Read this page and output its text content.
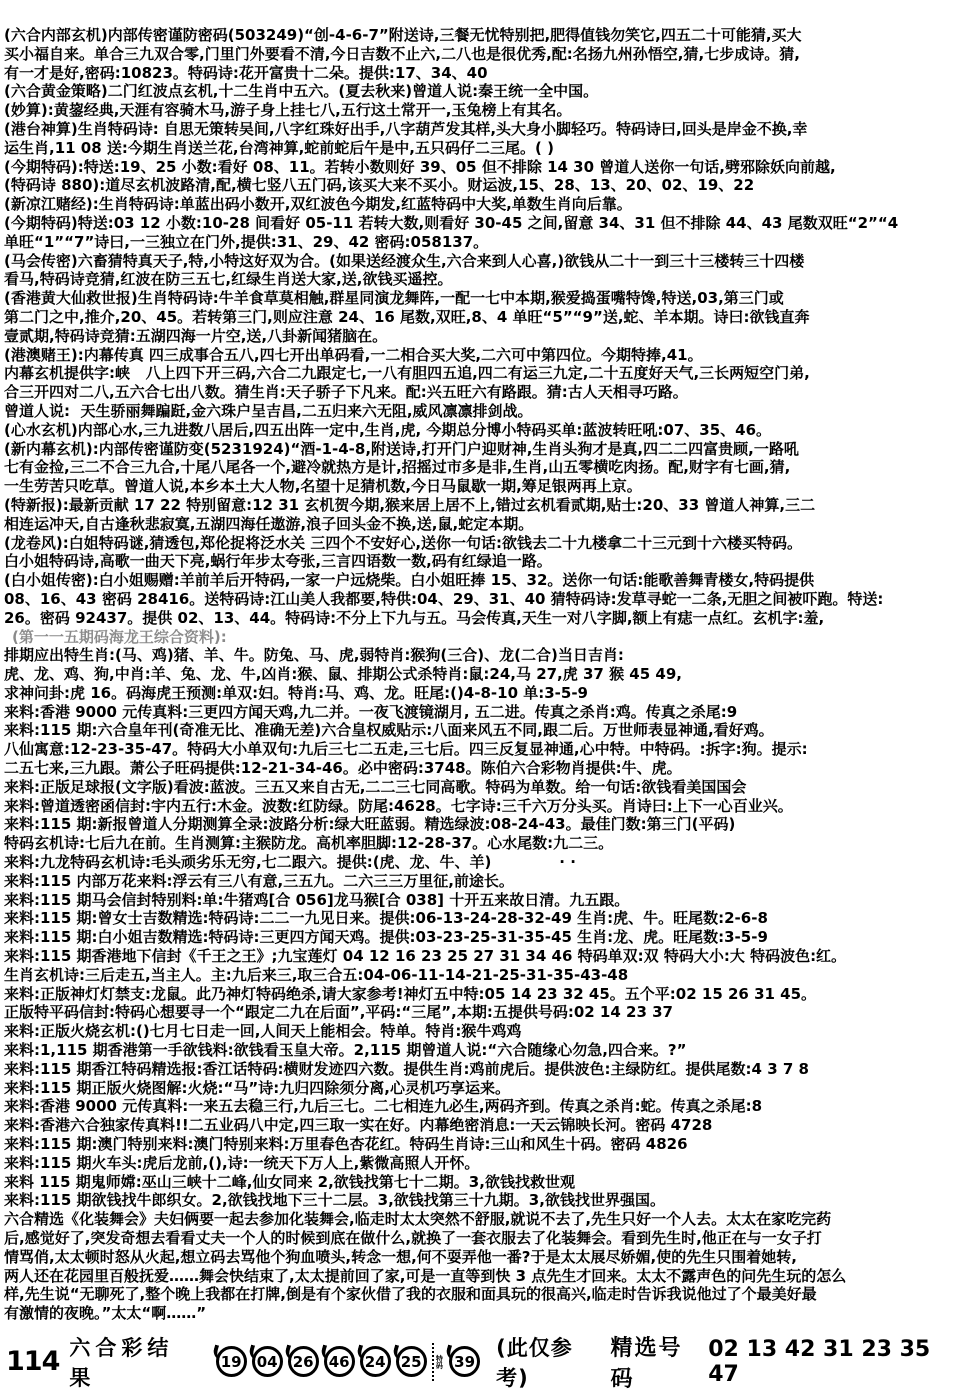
(六合内部玄机)内部传密谨防密码(503249)“创-4-6-7”附送诗,三餐无忧特别把,肥得值钱勿笑它,四五二十可能猜,买大
买小福自来。单合三九双合零,门里门外要看不清,今日吉数不止六,二八也是很优秀,配:名扬九州孙悟空,猜,七步成诗。猜,
有一才是好,密码:10823。特码诗:花开富贵十二朵。提供:17、34、40
(六合黄金策略)二门红波点玄机,十二生肖中五六。(夏去秋来)曾道人说:秦王统一全中国。
(妙算):黄鋆经典,天涯有容骑木马,游子身上挂七八,五行这土常开一,玉兔榜上有其名。
(港台神算)生肖特码诗: 自思无策转吴间,八字红珠好出手,八字葫芦发其样,头大身小脚轻巧。特码诗曰,回头是岸金不换,幸
运生肖,11 08 送:今期生肖送兰花,台湾神算,蛇前蛇后午是中,五只码仔二三尾。( )
(今期特码):特送:19、25 小数:看好 08、11。若转小数则好 39、05 但不排除 14 30 曾道人送你一句话,劈邪除妖向前越,
(特码诗 880):道尽玄机波路清,配,横七竖八五门码,该买大来不买小。财运波,15、28、13、20、02、19、22
(新凉江赌经):生肖特码诗:单蓝出码小数开,双红波色今期发,红蓝特码中大奖,单数生肖向后靠。
(今期特码)特送:03 12 小数:10-28 间看好 05-11 若转大数,则看好 30-45 之间,留意 34、31 但不排除 44、43 尾数双旺“2”“4
单旺“1”“7”诗曰,一三独立在门外,提供:31、29、42 密码:058137。
(马会传密)六畜猜特真天子,特,小特这好双为合。(如果送经渡众生,六合来到人心喜,)欲钱从二十一到三十三楼转三十四楼
看马,特码诗竞猜,红波在防三五七,红绿生肖送大家,送,欲钱买遥控。
(香港黄大仙救世报)生肖特码诗:牛羊食草莫相触,群星同演龙舞阵,一配一七中本期,猴爱捣蛋嘴特馋,特送,03,第三门或
第二门之中,推介,20、45。若转第三门,则应注意 24、16 尾数,双旺,8、4 单旺“5”“9”送,蛇、羊本期。诗曰:欲钱直奔
壹贰期,特码诗竞猜:五湖四海一片空,送,八卦新闻猪脑在。
(港澳赌王):内幕传真 四三成事合五八,四七开出单码看,一二相合买大奖,二六可中第四位。今期特捧,41。
内幕玄机提供字:峡   八上四下开三码,六合二九跟定七,一八有胆四五追,四二有运三九定,二十五度好天气,三长两短空门弟,
合三开四对二八,五六合七出八数。猜生肖:天子骄子下凡来。配:兴五旺六有路跟。猜:古人天相寻巧路。
曾道人说:  天生骄丽舞蹁跹,金六珠户呈吉昌,二五归来六无阻,威风凛凛排剑战。
(心水玄机)内部心水,三九进数八居后,四五出阵一定中,生肖,虎, 今期总分博小特码买单:蓝波转旺吼:07、35、46。
(新内幕玄机):内部传密谨防变(5231924)“酒-1-4-8,附送诗,打开门户迎财神,生肖头狗才是真,四二二四富贵顾,一路吼
七有金捡,三二不合三九合,十尾八尾各一个,避冷就热方是计,招摇过市多是非,生肖,山五零横吃肉扬。配,财字有七画,猜,
一生劳苦只吃草。曾道人说,本乡本土大人物,名望十足猜机数,今日马鼠歇一期,筹足银两再上京。
(特新报):最新贡献 17 22 特别留意:12 31 玄机贺今期,猴来居上居不上,错过玄机看贰期,贴士:20、33 曾道人神算,三二
相连运冲天,自古逢秋悲寂寞,五湖四海任遨游,浪子回头金不换,送,鼠,蛇定本期。
(龙卷风):白姐特码谜,猜透包,郑伦捉将泛水关 三四个不安好心,送你一句话:欲钱去二十九楼拿二十三元到十六楼买特码。
白小姐特码诗,高歌一曲天下亮,蜗行年步太夸张,三言四语数一数,码有红绿追一路。
(白小姐传密):白小姐赐赠:羊前羊后开特码,一家一户远烧柴。白小姐旺捧 15、32。送你一句话:能歌善舞青楼女,特码提供
08、16、43 密码 28416。送特码诗:江山美人我都要,特供:04、29、31、40 猜特码诗:发草寻蛇一二条,无胆之间被吓跑。特送:
26。密码 92437。提供 02、13、44。特码诗:不分上下九与五。马会传真,天生一对八字脚,额上有痣一点红。玄机字:羞,
(第一一五期码海龙王综合资料):
排期应出特生肖:(马、鸡)猪、羊、牛。防兔、马、虎,弱特肖:猴狗(三合)、龙(二合)当日吉肖:
虎、龙、鸡、狗,中肖:羊、兔、龙、牛,凶肖:猴、鼠、排期公式杀特肖:鼠:24,马 27,虎 37 猴 45 49,
求神问卦:虎 16。码海虎王预测:单双:妇。特肖:马、鸡、龙。旺尾:()4-8-10 单:3-5-9
来料:香港 9000 元传真料:三更四方闻天鸡,九二并。一夜飞渡镜湖月, 五二进。传真之杀肖:鸡。传真之杀尾:9
来料:115 期:六合皇年刊(奇准无比、准确无差)六合皇权威贴示:八面来风五不同,跟二后。万世师表显神通,看好鸡。
八仙寓意:12-23-35-47。特码大小单双句:九后三七二五走,三七后。四三反复显神通,心中特。中特码。:拆字:狗。提示:
二五七来,三九跟。萧公子旺码提供:12-21-34-46。必中密码:3748。陈伯六合彩物肖提供:牛、虎。
来料:正版足球报(文字版)看波:蓝波。三五又来自古无,二二三七同高歌。特码为单数。给一句话:欲钱看美国国会
来料:曾道透密函信封:宇内五行:木金。波数:红防绿。防尾:4628。七字诗:三千六万分头买。肖诗曰:上下一心百业兴。
来料:115 期:新报曾道人分期测算全录:波路分析:绿大旺蓝弱。精选绿波:08-24-43。最佳门数:第三门(平码)
特码玄机诗:七后九在前。生肖测算:主猴防龙。高机率胆脚:12-28-37。心水尾数:九二三。
来料:九龙特码玄机诗:毛头顽劣乐无穷,七二跟六。提供:(虎、龙、牛、羊)             · ·
来料:115 内部万花来料:浮云有三八有意,三五九。二六三三万里征,前途长。
来料:115 期马会信封特别料:单:牛猪鸡[合 056]龙马猴[合 038] 十开五来故日清。九五跟。
来料:115 期:曾女士吉数精选:特码诗:二二一九见日来。提供:06-13-24-28-32-49 生肖:虎、牛。旺尾数:2-6-8
来料:115 期:白小姐吉数精选:特码诗:三更四方闻天鸡。提供:03-23-25-31-35-45 生肖:龙、虎。旺尾数:3-5-9
来料:115 期香港地下信封《千王之王》;九宝莲灯 04 12 16 23 25 27 31 34 46 特码单双:双 特码大小:大 特码波色:红。
生肖玄机诗:三后走五,当主人。主:九后来三,取三合五:04-06-11-14-21-25-31-35-43-48
来料:正版神灯灯禁支:龙鼠。此乃神灯特码绝杀,请大家参考!神灯五中特:05 14 23 32 45。五个平:02 15 26 31 45。
正版特平码信封:特码心想要寻一个“跟定二九在后面”,平码:“三尾”,本期:五提供号码:02 14 23 37
来料:正版火烧玄机:()七月七日走一回,人间天上能相会。特单。特肖:猴牛鸡鸡
来料:1,115 期香港第一手欲钱料:欲钱看玉皇大帝。2,115 期曾道人说:“六合随缘心勿急,四合来。?”
来料:115 期香江特码精选报:香江话特码:横财发迹四六数。提供生肖:鸡前虎后。提供波色:主绿防红。提供尾数:4 3 7 8
来料:115 期正版火烧图解:火烧:“马”诗:九归四除须分离,心灵机巧享运来。
来料:香港 9000 元传真料:一来五去稳三行,九后三七。二七相连九必生,两码齐到。传真之杀肖:蛇。传真之杀尾:8
来料:香港六合独家传真料!!二五业码八中定,四三取一实在好。内幕绝密消息:一天云锦映长河。密码 4728
来料:115 期:澳门特别来料:澳门特别来料:万里春色杏花红。特码生肖诗:三山和风生十码。密码 4826
来料:115 期火车头:虎后龙前,(),诗:一统天下万人上,紫微高照人开怀。
来料 115 期鬼师嫦:巫山三峡十二峰,仙女同来 2,欲钱找第七十二期。3,欲钱找救世观
来料:115 期欲钱找牛郎织女。2,欲钱找地下三十二层。3,欲钱找第三十九期。3,欲钱找世界强国。
六合精选《化装舞会》夫妇俩要一起去参加化装舞会,临走时太太突然不舒服,就说不去了,先生只好一个人去。太太在家吃完药
后,感觉好了,突发奇想去看看丈夫一个人的时候到底在做什么,就换了一套衣服去了化装舞会。看到先生时,他正在与一女子打
情骂俏,太太顿时怒从火起,想立码去骂他个狗血喷头,转念一想,何不耍弄他一番?于是太太展尽娇媚,使的先生只围着她转,
两人还在花园里百般抚爱……舞会快结束了,太太提前回了家,可是一直等到快 3 点先生才回来。太太不露声色的问先生玩的怎么
样,先生说“无聊死了,整个晚上我都在打牌,倒是有个家伙借了我的衣服和面具玩的很高兴,临走时告诉我说他过了个最美好最
有激情的夜晚。”太太“啊……”
114 六合彩结果
19	04	26	46	24	25	特码 39
(此仅参考)
精选号码
02 13 42 31 23 35 47
